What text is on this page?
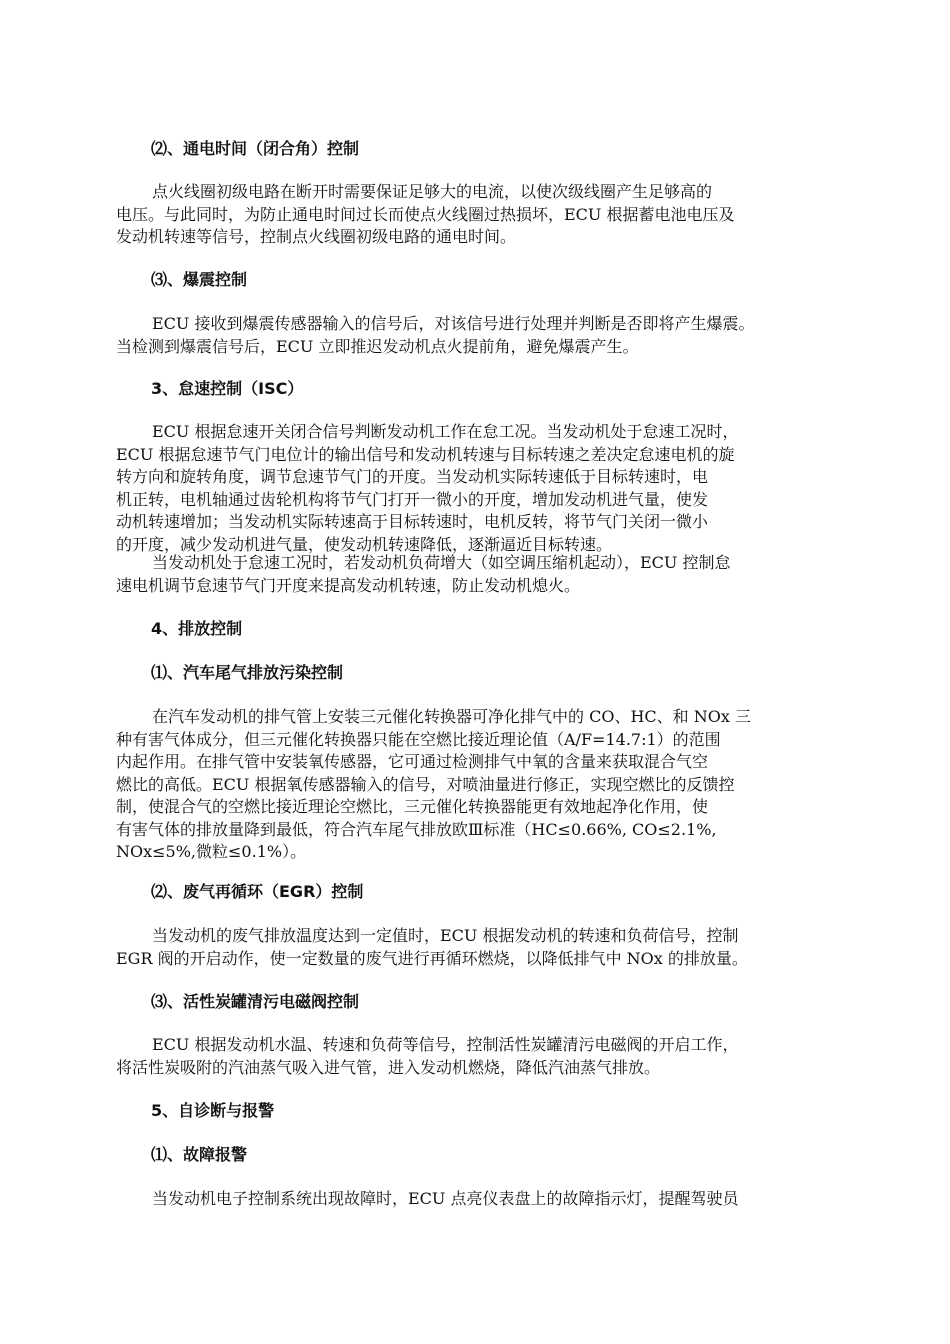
⑵、通电时间（闭合角）控制
点火线圈初级电路在断开时需要保证足够大的电流，以使次级线圈产生足够高的
电压。与此同时，为防止通电时间过长而使点火线圈过热损坏，ECU 根据蓄电池电压及
发动机转速等信号，控制点火线圈初级电路的通电时间。
⑶、爆震控制
ECU 接收到爆震传感器输入的信号后，对该信号进行处理并判断是否即将产生爆震。
当检测到爆震信号后，ECU 立即推迟发动机点火提前角，避免爆震产生。
3、怠速控制（ISC）
ECU 根据怠速开关闭合信号判断发动机工作在怠工况。当发动机处于怠速工况时，
ECU 根据怠速节气门电位计的输出信号和发动机转速与目标转速之差决定怠速电机的旋
转方向和旋转角度，调节怠速节气门的开度。当发动机实际转速低于目标转速时，电
机正转，电机轴通过齿轮机构将节气门打开一微小的开度，增加发动机进气量，使发
动机转速增加；当发动机实际转速高于目标转速时，电机反转，将节气门关闭一微小
的开度，减少发动机进气量，使发动机转速降低，逐渐逼近目标转速。
当发动机处于怠速工况时，若发动机负荷增大（如空调压缩机起动），ECU 控制怠
速电机调节怠速节气门开度来提高发动机转速，防止发动机熄火。
4、排放控制
⑴、汽车尾气排放污染控制
在汽车发动机的排气管上安装三元催化转换器可净化排气中的 CO、HC、和 NOx 三
种有害气体成分，但三元催化转换器只能在空燃比接近理论值（A/F=14.7:1）的范围
内起作用。在排气管中安装氧传感器，它可通过检测排气中氧的含量来获取混合气空
燃比的高低。ECU 根据氧传感器输入的信号，对喷油量进行修正，实现空燃比的反馈控
制，使混合气的空燃比接近理论空燃比，三元催化转换器能更有效地起净化作用，使
有害气体的排放量降到最低，符合汽车尾气排放欧Ⅲ标准（HC≤0.66%, CO≤2.1%,
NOx≤5%,微粒≤0.1%）。
⑵、废气再循环（EGR）控制
当发动机的废气排放温度达到一定值时，ECU 根据发动机的转速和负荷信号，控制
EGR 阀的开启动作，使一定数量的废气进行再循环燃烧，以降低排气中 NOx 的排放量。
⑶、活性炭罐清污电磁阀控制
ECU 根据发动机水温、转速和负荷等信号，控制活性炭罐清污电磁阀的开启工作，
将活性炭吸附的汽油蒸气吸入进气管，进入发动机燃烧，降低汽油蒸气排放。
5、自诊断与报警
⑴、故障报警
当发动机电子控制系统出现故障时，ECU 点亮仪表盘上的故障指示灯，提醒驾驶员
